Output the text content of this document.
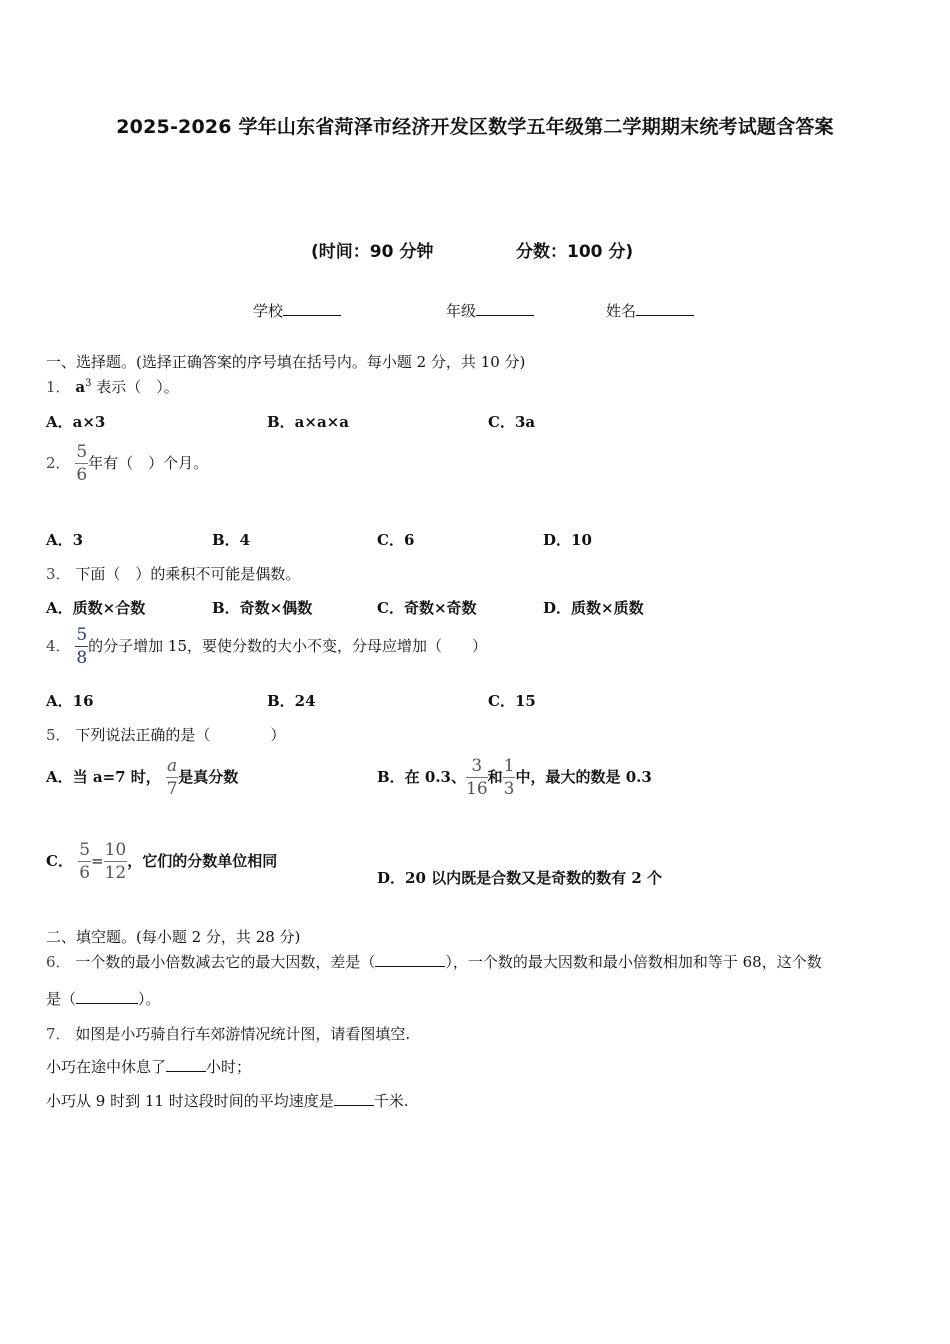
2025-2026 学年山东省菏泽市经济开发区数学五年级第二学期期末统考试题含答案
(时间：90 分钟	分数：100 分)
学校	年级	姓名
一、选择题。(选择正确答案的序号填在括号内。每小题 2 分，共 10 分)
1． $a^3$ 表示（　）。
A．a×3	B．a×a×a	C．3a
2． $\frac{5}{6}$ 年有（　）个月。
A．3	B．4	C．6	D．10
3． 下面（　）的乘积不可能是偶数。
A．质数×合数	B．奇数×偶数	C．奇数×奇数	D．质数×质数
4． $\frac{5}{8}$ 的分子增加 15，要使分数的大小不变，分母应增加（　　）
A．16	B．24	C．15
5． 下列说法正确的是（　　　　）
A．当 a=7 时， $\frac{a}{7}$ 是真分数	B．在 0.3、 $\frac{3}{16}$ 和 $\frac{1}{3}$ 中，最大的数是 0.3
C． $\frac{5}{6} = \frac{10}{12}$ ，它们的分数单位相同
D．20 以内既是合数又是奇数的数有 2 个
二、填空题。(每小题 2 分，共 28 分)
6． 一个数的最小倍数减去它的最大因数，差是（	），一个数的最大因数和最小倍数相加和等于 68，这个数
是（	）。
7． 如图是小巧骑自行车郊游情况统计图，请看图填空.
小巧在途中休息了	小时；
小巧从 9 时到 11 时这段时间的平均速度是	千米.
